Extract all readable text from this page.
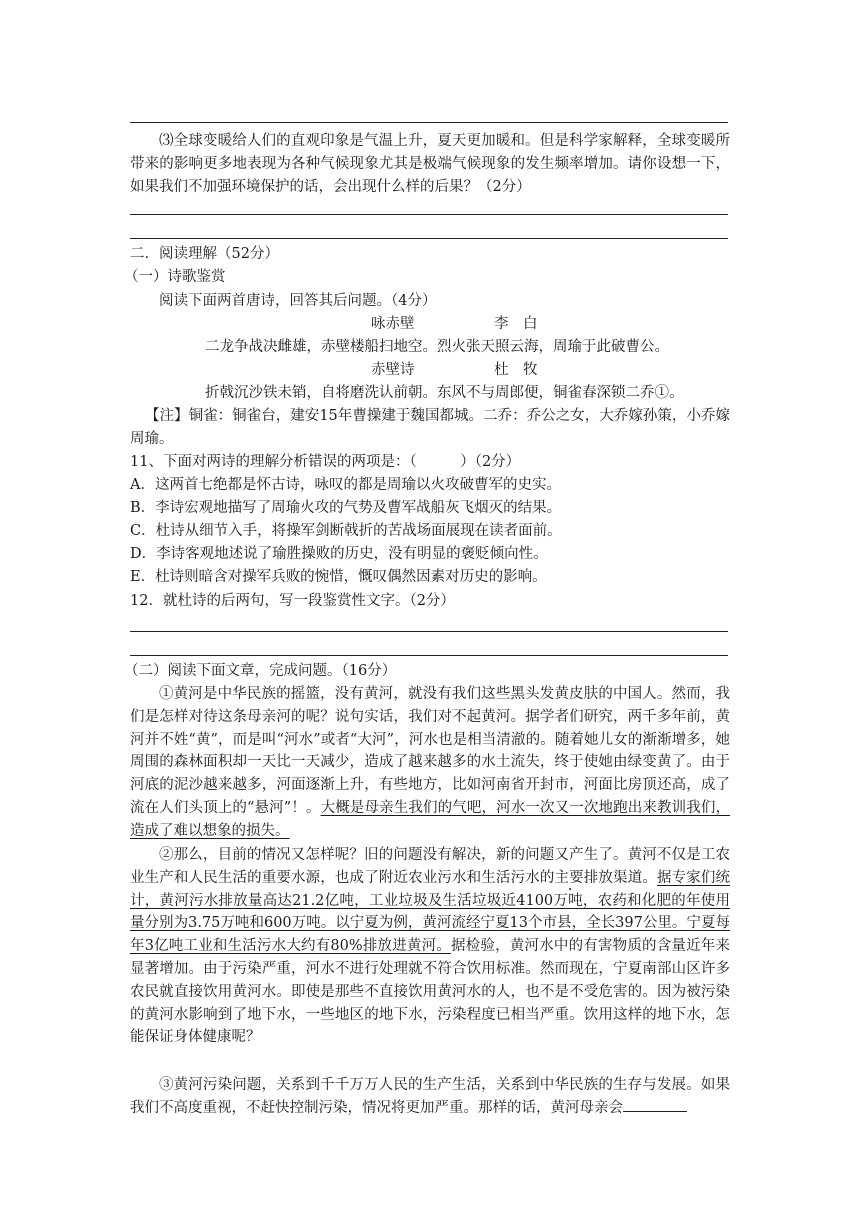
⑶全球变暖给人们的直观印象是气温上升，夏天更加暖和。但是科学家解释，全球变暖所带来的影响更多地表现为各种气候现象尤其是极端气候现象的发生频率增加。请你设想一下，如果我们不加强环境保护的话，会出现什么样的后果？（2分）

二．阅读理解（52分）

（一）诗歌鉴赏

阅读下面两首唐诗，回答其后问题。（4分）

咏赤壁	李　白

二龙争战决雌雄，赤壁楼船扫地空。烈火张天照云海，周瑜于此破曹公。

赤壁诗	杜　牧

折戟沉沙铁未销，自将磨洗认前朝。东风不与周郎便，铜雀春深锁二乔①。

【注】铜雀：铜雀台，建安15年曹操建于魏国都城。二乔：乔公之女，大乔嫁孙策，小乔嫁周瑜。

11、下面对两诗的理解分析错误的两项是：（　　　）（2分）

A．这两首七绝都是怀古诗，咏叹的都是周瑜以火攻破曹军的史实。

B．李诗宏观地描写了周瑜火攻的气势及曹军战船灰飞烟灭的结果。

C．杜诗从细节入手，将操军剑断戟折的苦战场面展现在读者面前。

D．李诗客观地述说了瑜胜操败的历史，没有明显的褒贬倾向性。

E．杜诗则暗含对操军兵败的惋惜，慨叹偶然因素对历史的影响。

12．就杜诗的后两句，写一段鉴赏性文字。（2分）

（二）阅读下面文章，完成问题。（16分）

①黄河是中华民族的摇篮，没有黄河，就没有我们这些黑头发黄皮肤的中国人。然而，我们是怎样对待这条母亲河的呢？说句实话，我们对不起黄河。据学者们研究，两千多年前，黄河并不姓“黄”，而是叫“河水”或者“大河”，河水也是相当清澈的。随着她儿女的渐渐增多，她周围的森林面积却一天比一天减少，造成了越来越多的水土流失，终于使她由绿变黄了。由于河底的泥沙越来越多，河面逐渐上升，有些地方，比如河南省开封市，河面比房顶还高，成了流在人们头顶上的“悬河”！。大概是母亲生我们的气吧，河水一次又一次地跑出来教训我们，造成了难以想象的损失。

②那么，目前的情况又怎样呢？旧的问题没有解决，新的问题又产生了。黄河不仅是工农业生产和人民生活的重要水源，也成了附近农业污水和生活污水的主要排放渠道。据专家们统计，黄河污水排放量高达21.2亿吨，工业垃圾及生活垃圾近4100万吨，农药和化肥的年使用量分别为3.75万吨和600万吨。以宁夏为例，黄河流经宁夏13个市县，全长397公里。宁夏每年3亿吨工业和生活污水大约有80%排放进黄河。据检验，黄河水中的有害物质的含量近年来显著增加。由于污染严重，河水不进行处理就不符合饮用标准。然而现在，宁夏南部山区许多农民就直接饮用黄河水。即使是那些不直接饮用黄河水的人，也不是不受危害的。因为被污染的黄河水影响到了地下水，一些地区的地下水，污染程度已相当严重。饮用这样的地下水，怎能保证身体健康呢？

③黄河污染问题，关系到千千万万人民的生产生活，关系到中华民族的生存与发展。如果我们不高度重视，不赶快控制污染，情况将更加严重。那样的话，黄河母亲会
